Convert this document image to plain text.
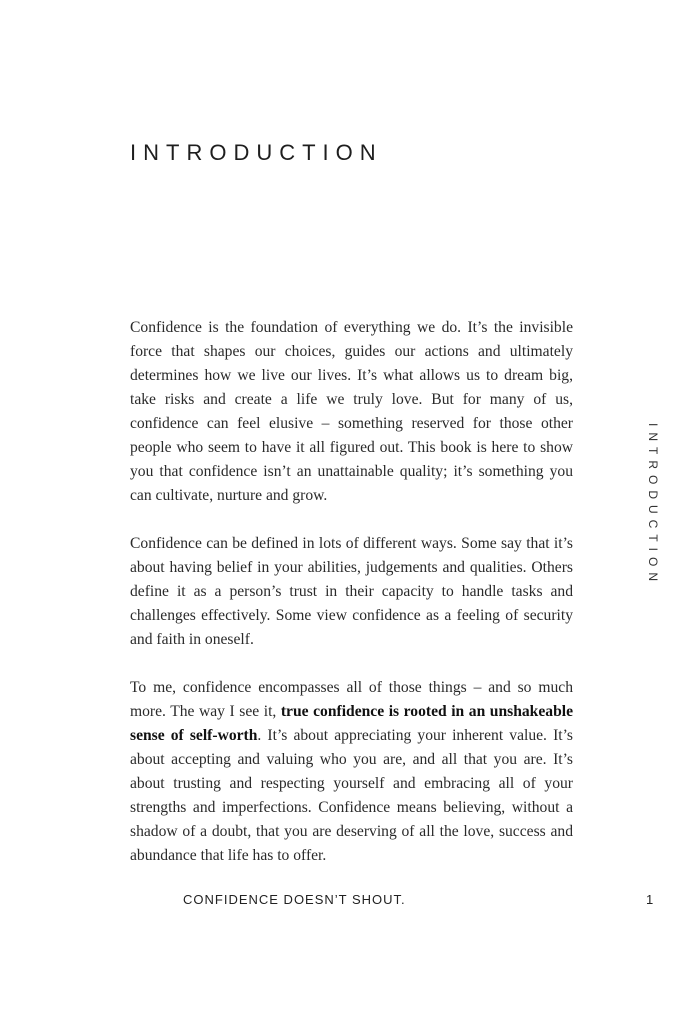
INTRODUCTION

Confidence is the foundation of everything we do. It’s the invisible force that shapes our choices, guides our actions and ultimately determines how we live our lives. It’s what allows us to dream big, take risks and create a life we truly love. But for many of us, confidence can feel elusive – something reserved for those other people who seem to have it all figured out. This book is here to show you that confidence isn’t an unattainable quality; it’s something you can cultivate, nurture and grow.

Confidence can be defined in lots of different ways. Some say that it’s about having belief in your abilities, judgements and qualities. Others define it as a person’s trust in their capacity to handle tasks and challenges effectively. Some view confidence as a feeling of security and faith in oneself.

To me, confidence encompasses all of those things – and so much more. The way I see it, true confidence is rooted in an unshakeable sense of self-worth. It’s about appreciating your inherent value. It’s about accepting and valuing who you are, and all that you are. It’s about trusting and respecting yourself and embracing all of your strengths and imperfections. Confidence means believing, without a shadow of a doubt, that you are deserving of all the love, success and abundance that life has to offer.

INTRODUCTION
CONFIDENCE DOESN’T SHOUT.	1
